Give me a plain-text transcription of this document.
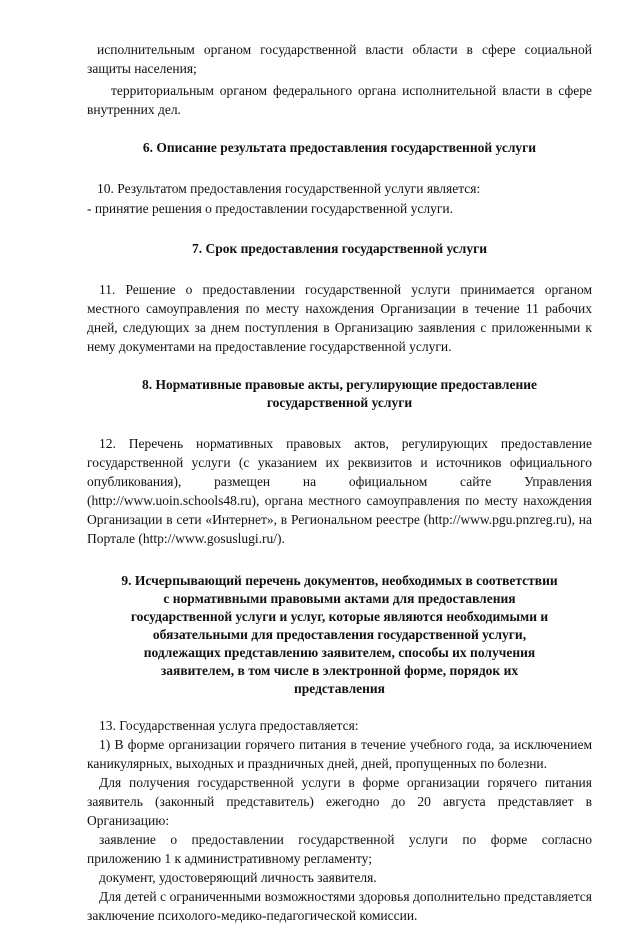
исполнительным органом государственной власти области в сфере социальной защиты населения;

территориальным органом федерального органа исполнительной власти в сфере внутренних дел.

6. Описание результата предоставления государственной услуги

10. Результатом предоставления государственной услуги является:

- принятие решения о предоставлении государственной услуги.

7. Срок предоставления государственной услуги

11. Решение о предоставлении государственной услуги принимается органом местного самоуправления по месту нахождения Организации в течение 11 рабочих дней, следующих за днем поступления в Организацию заявления с приложенными к нему документами на предоставление государственной услуги.

8. Нормативные правовые акты, регулирующие предоставление государственной услуги

12. Перечень нормативных правовых актов, регулирующих предоставление государственной услуги (с указанием их реквизитов и источников официального опубликования), размещен на официальном сайте Управления (http://www.uoin.schools48.ru), органа местного самоуправления по месту нахождения Организации в сети «Интернет», в Региональном реестре (http://www.pgu.pnzreg.ru), на Портале (http://www.gosuslugi.ru/).

9. Исчерпывающий перечень документов, необходимых в соответствии с нормативными правовыми актами для предоставления государственной услуги и услуг, которые являются необходимыми и обязательными для предоставления государственной услуги, подлежащих представлению заявителем, способы их получения заявителем, в том числе в электронной форме, порядок их представления

13. Государственная услуга предоставляется:

1) В форме организации горячего питания в течение учебного года, за исключением каникулярных, выходных и праздничных дней, дней, пропущенных по болезни.

Для получения государственной услуги в форме организации горячего питания заявитель (законный представитель) ежегодно до 20 августа представляет в Организацию:

заявление о предоставлении государственной услуги по форме согласно приложению 1 к административному регламенту;

документ, удостоверяющий личность заявителя.

Для детей с ограниченными возможностями здоровья дополнительно представляется заключение психолого-медико-педагогической комиссии.
